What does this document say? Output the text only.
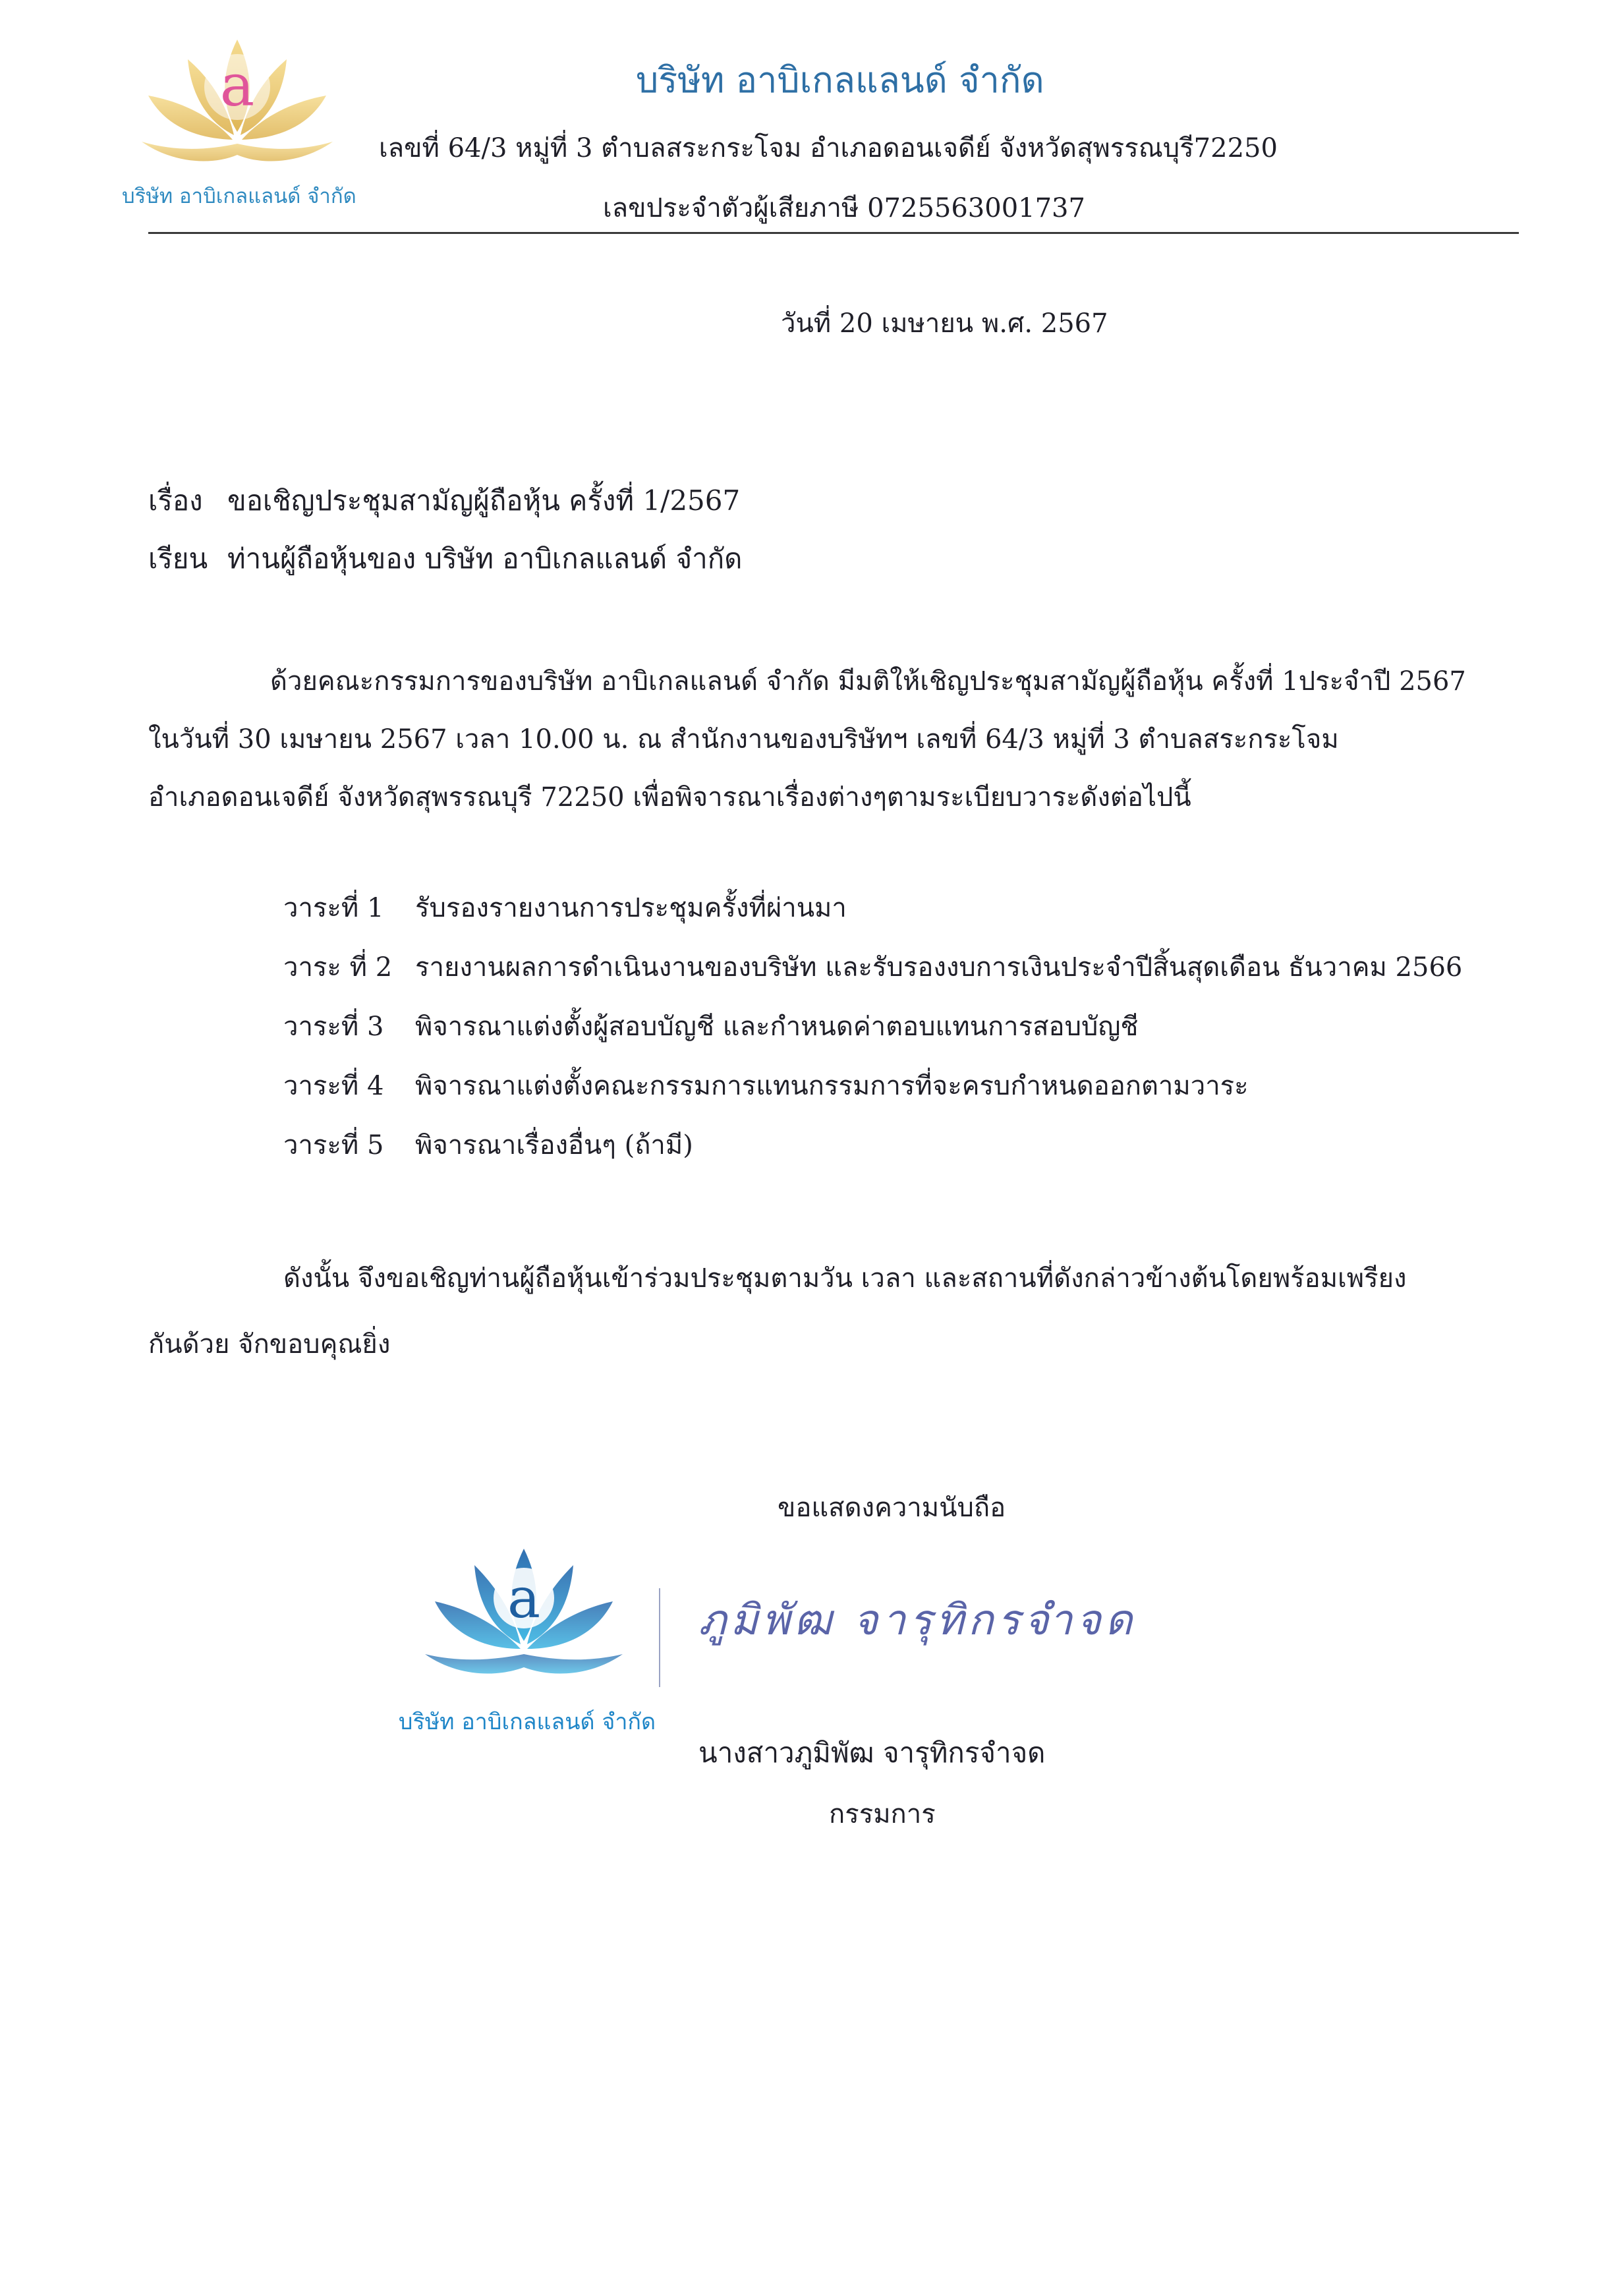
a
บริษัท อาบิเกลแลนด์ จำกัด
บริษัท อาบิเกลแลนด์ จำกัด
เลขที่ 64/3 หมู่ที่ 3 ตำบลสระกระโจม อำเภอดอนเจดีย์ จังหวัดสุพรรณบุรี72250
เลขประจำตัวผู้เสียภาษี 0725563001737
วันที่ 20 เมษายน พ.ศ. 2567
เรื่อง ขอเชิญประชุมสามัญผู้ถือหุ้น ครั้งที่ 1/2567
เรียน ท่านผู้ถือหุ้นของ บริษัท อาบิเกลแลนด์ จำกัด
ด้วยคณะกรรมการของบริษัท อาบิเกลแลนด์ จำกัด มีมติให้เชิญประชุมสามัญผู้ถือหุ้น ครั้งที่ 1ประจำปี 2567
ในวันที่ 30 เมษายน 2567 เวลา 10.00 น. ณ สำนักงานของบริษัทฯ เลขที่ 64/3 หมู่ที่ 3 ตำบลสระกระโจม
อำเภอดอนเจดีย์ จังหวัดสุพรรณบุรี 72250 เพื่อพิจารณาเรื่องต่างๆตามระเบียบวาระดังต่อไปนี้
วาระที่ 1 รับรองรายงานการประชุมครั้งที่ผ่านมา
วาระ ที่ 2 รายงานผลการดำเนินงานของบริษัท และรับรองงบการเงินประจำปีสิ้นสุดเดือน ธันวาคม 2566
วาระที่ 3 พิจารณาแต่งตั้งผู้สอบบัญชี และกำหนดค่าตอบแทนการสอบบัญชี
วาระที่ 4 พิจารณาแต่งตั้งคณะกรรมการแทนกรรมการที่จะครบกำหนดออกตามวาระ
วาระที่ 5 พิจารณาเรื่องอื่นๆ (ถ้ามี)
ดังนั้น จึงขอเชิญท่านผู้ถือหุ้นเข้าร่วมประชุมตามวัน เวลา และสถานที่ดังกล่าวข้างต้นโดยพร้อมเพรียง
กันด้วย จักขอบคุณยิ่ง
ขอแสดงความนับถือ
a
บริษัท อาบิเกลแลนด์ จำกัด
ภูมิพัฒ จารุทิกรจำจด
นางสาวภูมิพัฒ จารุทิกรจำจด
กรรมการ
